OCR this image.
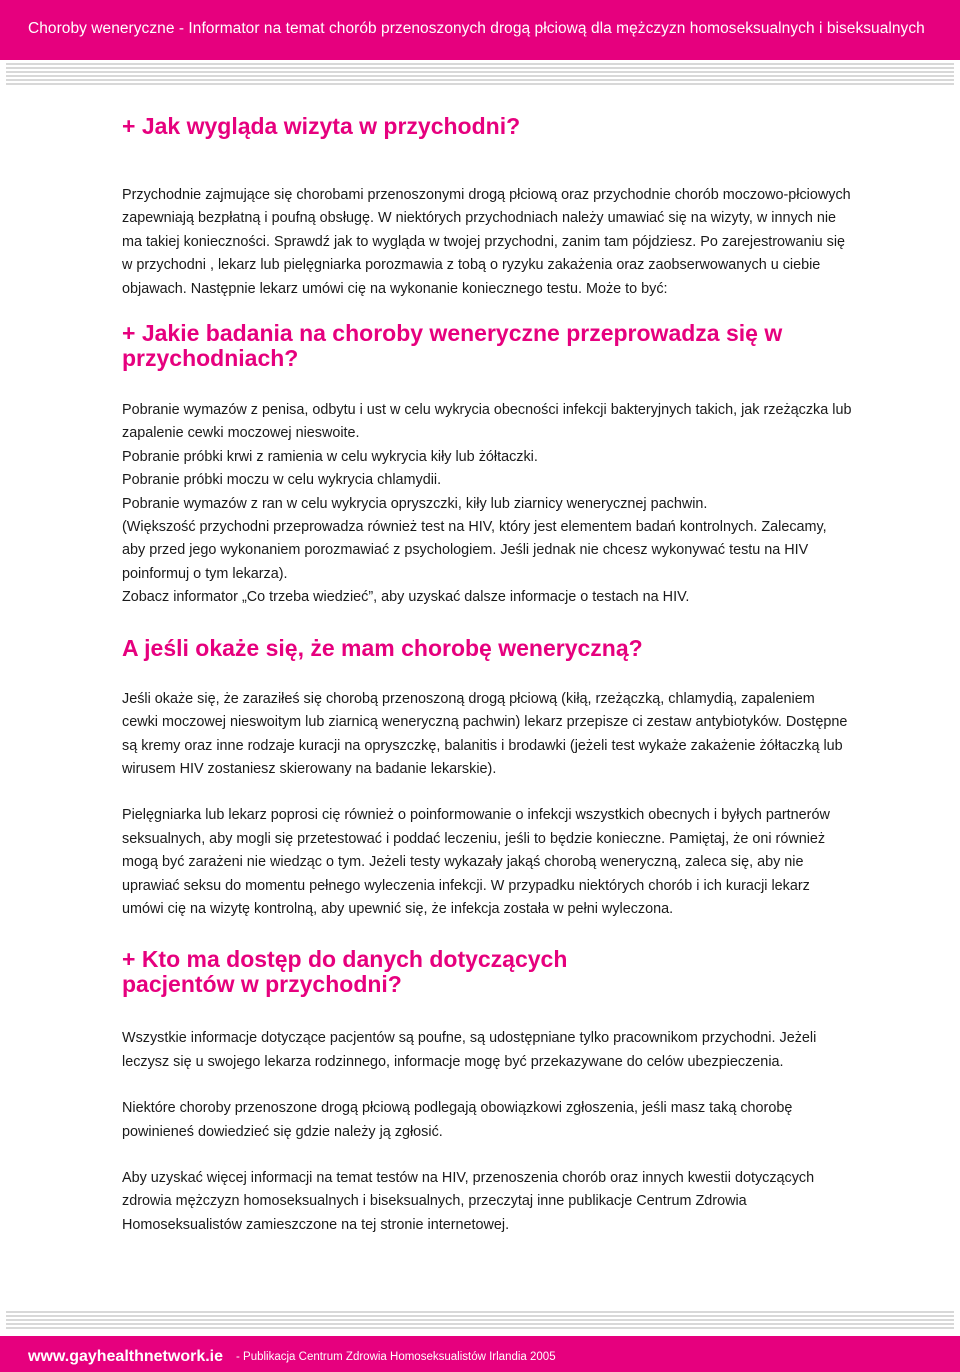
Choroby weneryczne - Informator na temat chorób przenoszonych drogą płciową dla mężczyzn homoseksualnych i biseksualnych
+ Jak wygląda wizyta w przychodni?

Przychodnie zajmujące się chorobami przenoszonymi drogą płciową oraz przychodnie chorób moczowo-płciowych zapewniają bezpłatną i poufną obsługę. W niektórych przychodniach należy umawiać się na wizyty, w innych nie ma takiej konieczności. Sprawdź jak to wygląda w twojej przychodni, zanim tam pójdziesz. Po zarejestrowaniu się w przychodni , lekarz lub pielęgniarka porozmawia z tobą o ryzyku zakażenia oraz zaobserwowanych u ciebie objawach. Następnie lekarz umówi cię na wykonanie koniecznego testu. Może to być:

+ Jakie badania na choroby weneryczne przeprowadza się w przychodniach?

Pobranie wymazów z penisa, odbytu i ust w celu wykrycia obecności infekcji bakteryjnych takich, jak rzeżączka lub zapalenie cewki moczowej nieswoite.

Pobranie próbki krwi z ramienia w celu wykrycia kiły lub żółtaczki.

Pobranie próbki moczu w celu wykrycia chlamydii.

Pobranie wymazów z ran w celu wykrycia opryszczki, kiły lub ziarnicy wenerycznej pachwin.

(Większość przychodni przeprowadza również test na HIV, który jest elementem badań kontrolnych. Zalecamy, aby przed jego wykonaniem porozmawiać z psychologiem. Jeśli jednak nie chcesz wykonywać testu na HIV poinformuj o tym lekarza).

Zobacz informator „Co trzeba wiedzieć”, aby uzyskać dalsze informacje o testach na HIV.

A jeśli okaże się, że mam chorobę weneryczną?

Jeśli okaże się, że zaraziłeś się chorobą przenoszoną drogą płciową (kiłą, rzeżączką, chlamydią, zapaleniem cewki moczowej nieswoitym lub ziarnicą weneryczną pachwin) lekarz przepisze ci zestaw antybiotyków. Dostępne są kremy oraz inne rodzaje kuracji na opryszczkę, balanitis i brodawki (jeżeli test wykaże zakażenie żółtaczką lub wirusem HIV zostaniesz skierowany na badanie lekarskie).

Pielęgniarka lub lekarz poprosi cię również o poinformowanie o infekcji wszystkich obecnych i byłych partnerów seksualnych, aby mogli się przetestować i poddać leczeniu, jeśli to będzie konieczne. Pamiętaj, że oni również mogą być zarażeni nie wiedząc o tym. Jeżeli testy wykazały jakąś chorobą weneryczną, zaleca się, aby nie uprawiać seksu do momentu pełnego wyleczenia infekcji. W przypadku niektórych chorób i ich kuracji lekarz umówi cię na wizytę kontrolną, aby upewnić się, że infekcja została w pełni wyleczona.

+ Kto ma dostęp do danych dotyczących pacjentów w przychodni?

Wszystkie informacje dotyczące pacjentów są poufne, są udostępniane tylko pracownikom przychodni. Jeżeli leczysz się u swojego lekarza rodzinnego, informacje mogę być przekazywane do celów ubezpieczenia.

Niektóre choroby przenoszone drogą płciową podlegają obowiązkowi zgłoszenia, jeśli masz taką chorobę powinieneś dowiedzieć się gdzie należy ją zgłosić.

Aby uzyskać więcej informacji na temat testów na HIV, przenoszenia chorób oraz innych kwestii dotyczących zdrowia mężczyzn homoseksualnych i biseksualnych, przeczytaj inne publikacje Centrum Zdrowia Homoseksualistów zamieszczone na tej stronie internetowej.

www.gayhealthnetwork.ie - Publikacja Centrum Zdrowia Homoseksualistów Irlandia 2005
